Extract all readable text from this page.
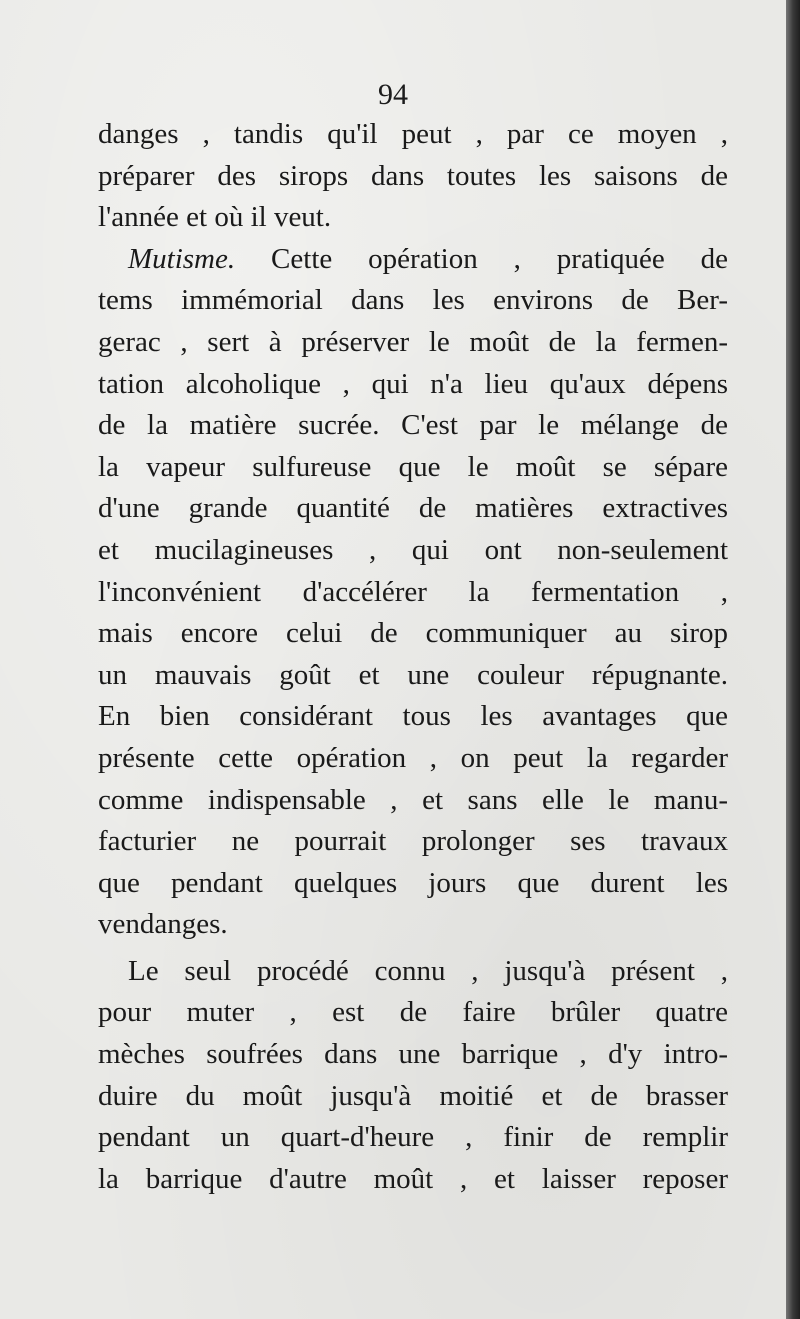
94
danges , tandis qu'il peut , par ce moyen ,
préparer des sirops dans toutes les saisons de
l'année et où il veut.
Mutisme. Cette opération , pratiquée de
tems immémorial dans les environs de Ber-
gerac , sert à préserver le moût de la fermen-
tation alcoholique , qui n'a lieu qu'aux dépens
de la matière sucrée. C'est par le mélange de
la vapeur sulfureuse que le moût se sépare
d'une grande quantité de matières extractives
et mucilagineuses , qui ont non-seulement
l'inconvénient d'accélérer la fermentation ,
mais encore celui de communiquer au sirop
un mauvais goût et une couleur répugnante.
En bien considérant tous les avantages que
présente cette opération , on peut la regarder
comme indispensable , et sans elle le manu-
facturier ne pourrait prolonger ses travaux
que pendant quelques jours que durent les
vendanges.
Le seul procédé connu , jusqu'à présent ,
pour muter , est de faire brûler quatre
mèches soufrées dans une barrique , d'y intro-
duire du moût jusqu'à moitié et de brasser
pendant un quart-d'heure , finir de remplir
la barrique d'autre moût , et laisser reposer
